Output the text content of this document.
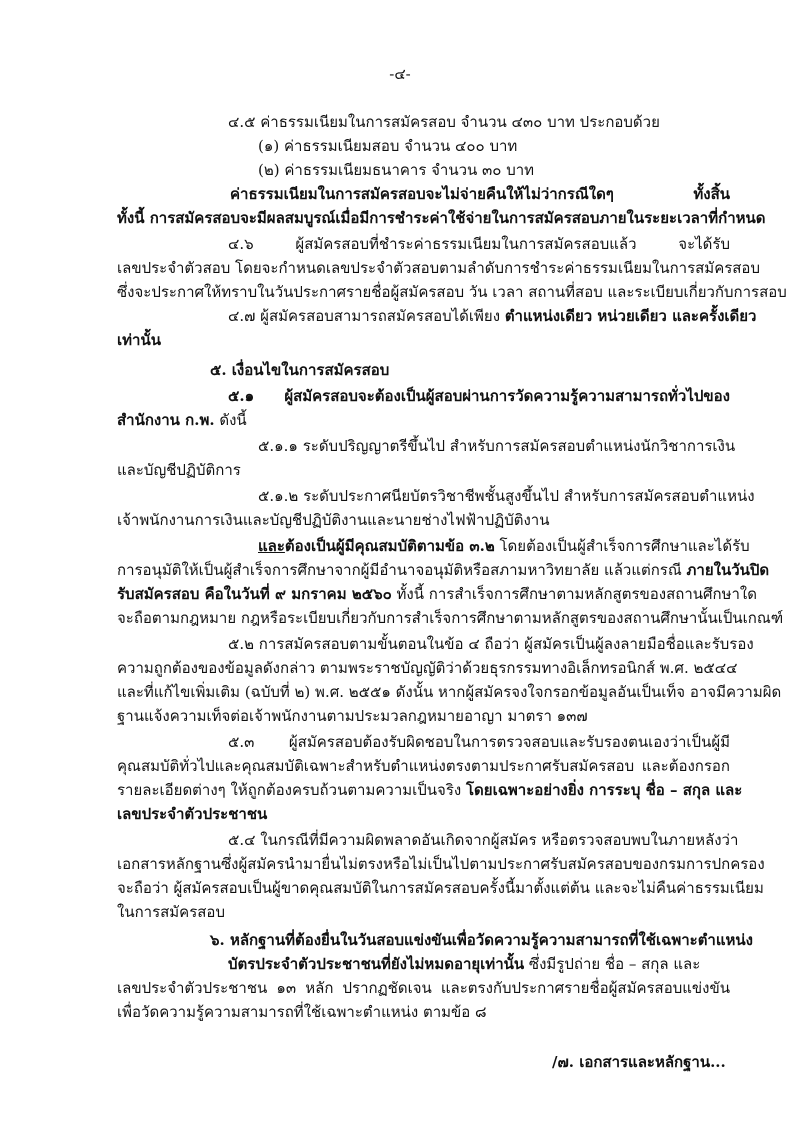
-๔-
๔.๕ ค่าธรรมเนียมในการสมัครสอบ จำนวน ๔๓๐ บาท ประกอบด้วย
(๑) ค่าธรรมเนียมสอบ จำนวน ๔๐๐ บาท
(๒) ค่าธรรมเนียมธนาคาร จำนวน ๓๐ บาท
ค่าธรรมเนียมในการสมัครสอบจะไม่จ่ายคืนให้ไม่ว่ากรณีใดๆ ทั้งสิ้น
ทั้งนี้ การสมัครสอบจะมีผลสมบูรณ์เมื่อมีการชำระค่าใช้จ่ายในการสมัครสอบภายในระยะเวลาที่กำหนด
๔.๖ ผู้สมัครสอบที่ชำระค่าธรรมเนียมในการสมัครสอบแล้ว จะได้รับ
เลขประจำตัวสอบ โดยจะกำหนดเลขประจำตัวสอบตามลำดับการชำระค่าธรรมเนียมในการสมัครสอบ
ซึ่งจะประกาศให้ทราบในวันประกาศรายชื่อผู้สมัครสอบ วัน เวลา สถานที่สอบ และระเบียบเกี่ยวกับการสอบ
๔.๗ ผู้สมัครสอบสามารถสมัครสอบได้เพียง ตำแหน่งเดียว หน่วยเดียว และครั้งเดียว
เท่านั้น
๕. เงื่อนไขในการสมัครสอบ
๕.๑ ผู้สมัครสอบจะต้องเป็นผู้สอบผ่านการวัดความรู้ความสามารถทั่วไปของ
สำนักงาน ก.พ. ดังนี้
๕.๑.๑ ระดับปริญญาตรีขึ้นไป สำหรับการสมัครสอบตำแหน่งนักวิชาการเงิน
และบัญชีปฏิบัติการ
๕.๑.๒ ระดับประกาศนียบัตรวิชาชีพชั้นสูงขึ้นไป สำหรับการสมัครสอบตำแหน่ง
เจ้าพนักงานการเงินและบัญชีปฏิบัติงานและนายช่างไฟฟ้าปฏิบัติงาน
และต้องเป็นผู้มีคุณสมบัติตามข้อ ๓.๒ โดยต้องเป็นผู้สำเร็จการศึกษาและได้รับ
การอนุมัติให้เป็นผู้สำเร็จการศึกษาจากผู้มีอำนาจอนุมัติหรือสภามหาวิทยาลัย แล้วแต่กรณี ภายในวันปิด
รับสมัครสอบ คือในวันที่ ๙ มกราคม ๒๕๖๐ ทั้งนี้ การสำเร็จการศึกษาตามหลักสูตรของสถานศึกษาใด
จะถือตามกฎหมาย กฎหรือระเบียบเกี่ยวกับการสำเร็จการศึกษาตามหลักสูตรของสถานศึกษานั้นเป็นเกณฑ์
๕.๒ การสมัครสอบตามขั้นตอนในข้อ ๔ ถือว่า ผู้สมัครเป็นผู้ลงลายมือชื่อและรับรอง
ความถูกต้องของข้อมูลดังกล่าว ตามพระราชบัญญัติว่าด้วยธุรกรรมทางอิเล็กทรอนิกส์ พ.ศ. ๒๕๔๔
และที่แก้ไขเพิ่มเติม (ฉบับที่ ๒) พ.ศ. ๒๕๕๑ ดังนั้น หากผู้สมัครจงใจกรอกข้อมูลอันเป็นเท็จ อาจมีความผิด
ฐานแจ้งความเท็จต่อเจ้าพนักงานตามประมวลกฎหมายอาญา มาตรา ๑๓๗
๕.๓ ผู้สมัครสอบต้องรับผิดชอบในการตรวจสอบและรับรองตนเองว่าเป็นผู้มี
คุณสมบัติทั่วไปและคุณสมบัติเฉพาะสำหรับตำแหน่งตรงตามประกาศรับสมัครสอบ และต้องกรอก
รายละเอียดต่างๆ ให้ถูกต้องครบถ้วนตามความเป็นจริง โดยเฉพาะอย่างยิ่ง การระบุ ชื่อ – สกุล และ
เลขประจำตัวประชาชน
๕.๔ ในกรณีที่มีความผิดพลาดอันเกิดจากผู้สมัคร หรือตรวจสอบพบในภายหลังว่า
เอกสารหลักฐานซึ่งผู้สมัครนำมายื่นไม่ตรงหรือไม่เป็นไปตามประกาศรับสมัครสอบของกรมการปกครอง
จะถือว่า ผู้สมัครสอบเป็นผู้ขาดคุณสมบัติในการสมัครสอบครั้งนี้มาตั้งแต่ต้น และจะไม่คืนค่าธรรมเนียม
ในการสมัครสอบ
๖. หลักฐานที่ต้องยื่นในวันสอบแข่งขันเพื่อวัดความรู้ความสามารถที่ใช้เฉพาะตำแหน่ง
บัตรประจำตัวประชาชนที่ยังไม่หมดอายุเท่านั้น ซึ่งมีรูปถ่าย ชื่อ – สกุล และ
เลขประจำตัวประชาชน ๑๓ หลัก ปรากฏชัดเจน และตรงกับประกาศรายชื่อผู้สมัครสอบแข่งขัน
เพื่อวัดความรู้ความสามารถที่ใช้เฉพาะตำแหน่ง ตามข้อ ๘
/๗. เอกสารและหลักฐาน...
